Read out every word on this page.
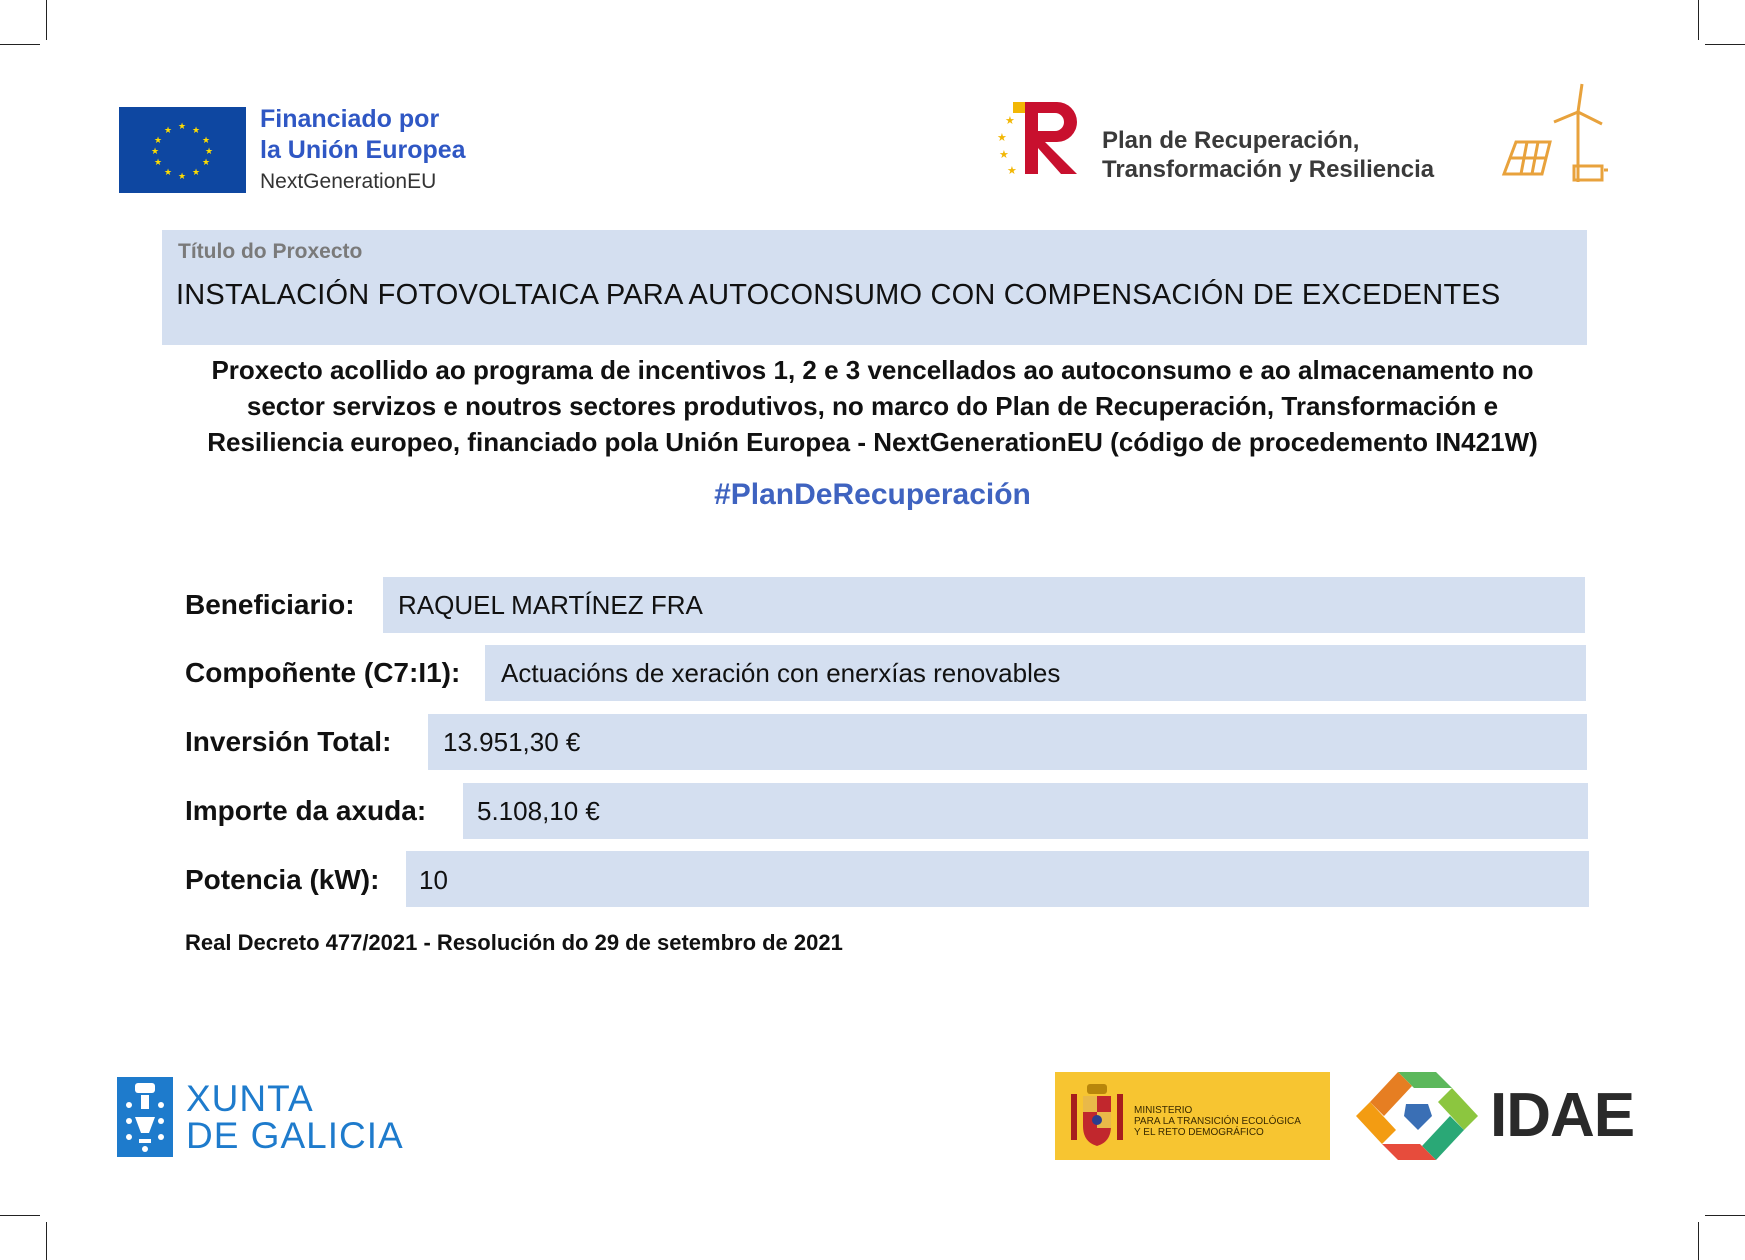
★ ★
★
★
★
★
★
★
★
★
★
★	Financiado por
la Unión Europea
NextGenerationEU
★
★
★
★
Plan de Recuperación,
Transformación y Resiliencia
Título do Proxecto
INSTALACIÓN FOTOVOLTAICA PARA AUTOCONSUMO CON COMPENSACIÓN DE EXCEDENTES
Proxecto acollido ao programa de incentivos 1, 2 e 3 vencellados ao autoconsumo e ao almacenamento no
sector servizos e noutros sectores produtivos, no marco do Plan de Recuperación, Transformación e
Resiliencia europeo, financiado pola Unión Europea - NextGenerationEU (código de procedemento IN421W)
#PlanDeRecuperación
Beneficiario: RAQUEL MARTÍNEZ FRA
Compoñente (C7:I1): Actuacións de xeración con enerxías renovables
Inversión Total: 13.951,30 €
Importe da axuda: 5.108,10 €
Potencia (kW): 10
Real Decreto 477/2021 - Resolución do 29 de setembro de 2021
XUNTA
DE GALICIA
MINISTERIO
PARA LA TRANSICIÓN ECOLÓGICA
Y EL RETO DEMOGRÁFICO	IDAE
